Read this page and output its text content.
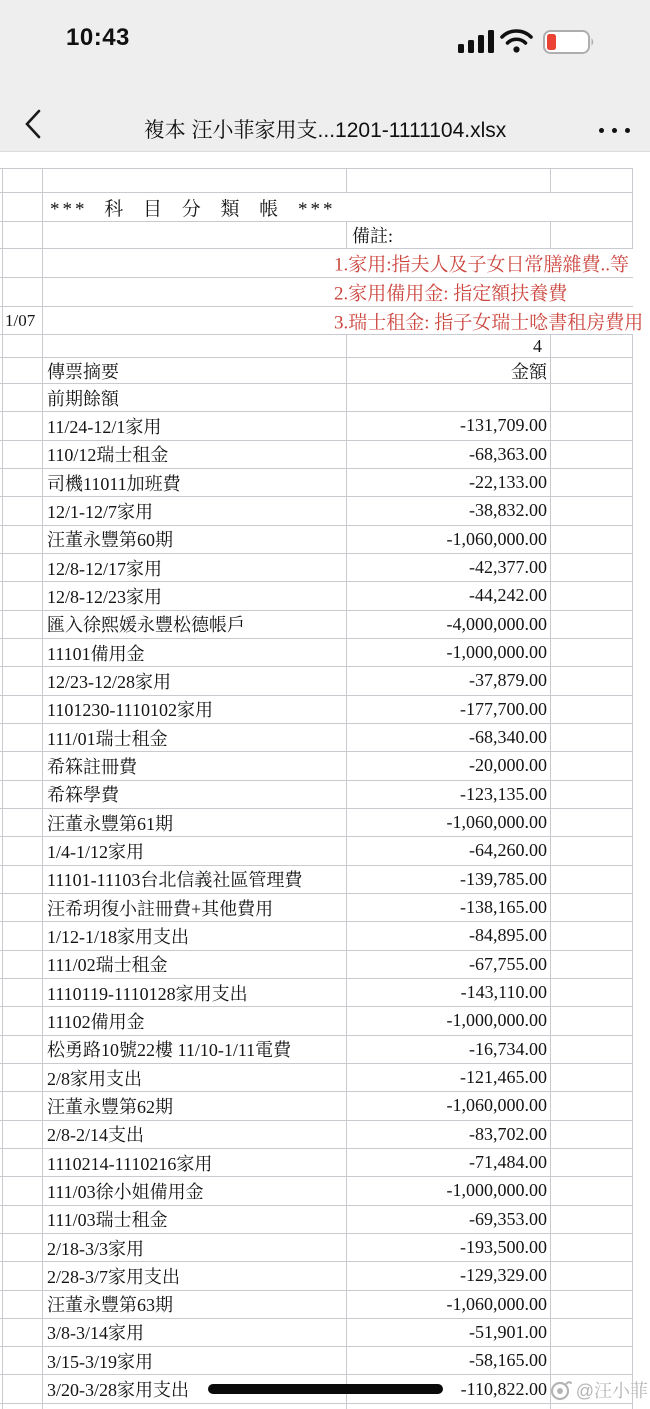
10:43
複本 汪小菲家用支...1201-1111104.xlsx
*** 科 目 分 類 帳 ***
備註:
1.家用:指夫人及子女日常膳雜費..等
2.家用備用金: 指定額扶養費
1/07	3.瑞士租金: 指子女瑞士唸書租房費用
4
傳票摘要	金額
前期餘額
11/24-12/1家用	-131,709.00
110/12瑞士租金	-68,363.00
司機11011加班費	-22,133.00
12/1-12/7家用	-38,832.00
汪董永豐第60期	-1,060,000.00
12/8-12/17家用	-42,377.00
12/8-12/23家用	-44,242.00
匯入徐熙媛永豐松德帳戶	-4,000,000.00
11101備用金	-1,000,000.00
12/23-12/28家用	-37,879.00
1101230-1110102家用	-177,700.00
111/01瑞士租金	-68,340.00
希箖註冊費	-20,000.00
希箖學費	-123,135.00
汪董永豐第61期	-1,060,000.00
1/4-1/12家用	-64,260.00
11101-11103台北信義社區管理費	-139,785.00
汪希玥復小註冊費+其他費用	-138,165.00
1/12-1/18家用支出	-84,895.00
111/02瑞士租金	-67,755.00
1110119-1110128家用支出	-143,110.00
11102備用金	-1,000,000.00
松勇路10號22樓 11/10-1/11電費	-16,734.00
2/8家用支出	-121,465.00
汪董永豐第62期	-1,060,000.00
2/8-2/14支出	-83,702.00
1110214-1110216家用	-71,484.00
111/03徐小姐備用金	-1,000,000.00
111/03瑞士租金	-69,353.00
2/18-3/3家用	-193,500.00
2/28-3/7家用支出	-129,329.00
汪董永豐第63期	-1,060,000.00
3/8-3/14家用	-51,901.00
3/15-3/19家用	-58,165.00
3/20-3/28家用支出	-110,822.00 @汪小菲
